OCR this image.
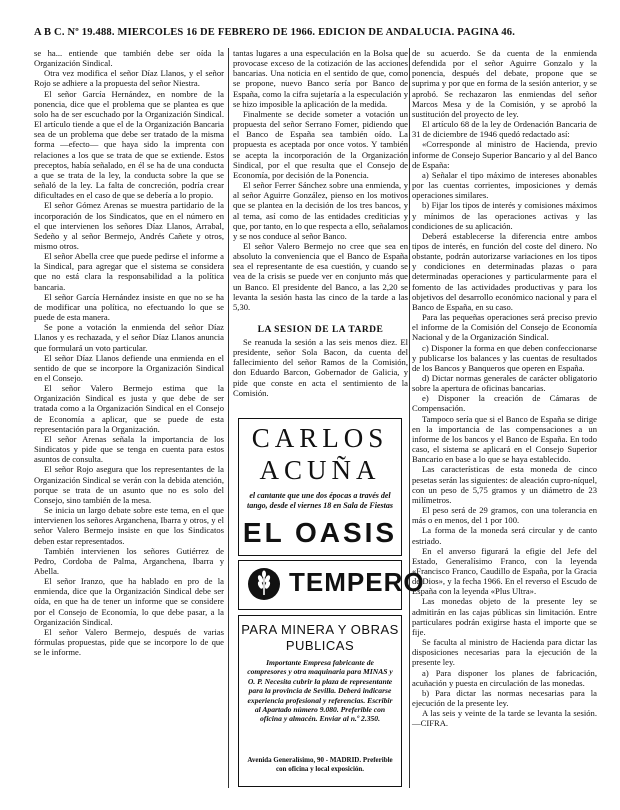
A B C. Nº 19.488. MIERCOLES 16 DE FEBRERO DE 1966. EDICION DE ANDALUCIA. PAGINA 46.

se ha... entiende que también debe ser oída la Organización Sindical.

Otra vez modifica el señor Díaz Llanos, y el señor Rojo se adhiere a la propuesta del señor Niestra.

El señor García Hernández, en nombre de la ponencia, dice que el problema que se plantea es que solo ha de ser escuchado por la Organización Sindical. El artículo tiende a que el de la Organización Bancaria sea de un problema que debe ser tratado de la misma forma —efecto— que haya sido la imprenta con relaciones a los que se trata de que se extiende. Estos preceptos, había señalado, en él se ha de una conducta a que se trata de la ley, la conducta sobre la que se señaló de la ley. La falta de concreción, podría crear dificultades en el caso de que se debería a lo propio.

El señor Gómez Arenas se muestra partidario de la incorporación de los Sindicatos, que en el número en el que intervienen los señores Díaz Llanos, Arrabal, Sedeño y al señor Bermejo, Andrés Cañete y otros, mismo otros.

El señor Abella cree que puede pedirse el informe a la Sindical, para agregar que el sistema se considera que no está clara la responsabilidad a la política bancaria.

El señor García Hernández insiste en que no se ha de modificar una política, no efectuando lo que se puede de esta manera.

Se pone a votación la enmienda del señor Díaz Llanos y es rechazada, y el señor Díaz Llanos anuncia que formulará un voto particular.

El señor Díaz Llanos defiende una enmienda en el sentido de que se incorpore la Organización Sindical en el Consejo.

El señor Valero Bermejo estima que la Organización Sindical es justa y que debe de ser tratada como a la Organización Sindical en el Consejo de Economía a aplicar, que se puede de esta representación para la Organización.

El señor Arenas señala la importancia de los Sindicatos y pide que se tenga en cuenta para estos asuntos de consulta.

El señor Rojo asegura que los representantes de la Organización Sindical se verán con la debida atención, porque se trata de un asunto que no es solo del Consejo, sino también de la mesa.

Se inicia un largo debate sobre este tema, en el que intervienen los señores Arganchena, Ibarra y otros, y el señor Valero Bermejo insiste en que los Sindicatos deben estar representados.

También intervienen los señores Gutiérrez de Pedro, Cordoba de Palma, Arganchena, Ibarra y Abella.

El señor Iranzo, que ha hablado en pro de la enmienda, dice que la Organización Sindical debe ser oída, en que ha de tener un informe que se considere por el Consejo de Economía, lo que debe pasar, a la Organización Sindical.

El señor Valero Bermejo, después de varias fórmulas propuestas, pide que se incorpore lo de que se le informe.

tantas lugares a una especulación en la Bolsa que provocase exceso de la cotización de las acciones bancarias. Una noticia en el sentido de que, como se propone, nuevo Banco sería por Banco de España, como la cifra sujetaría a la especulación y se hizo imposible la aplicación de la medida.

Finalmente se decide someter a votación un propuesta del señor Serrano Fomer, pidiendo que el Banco de España sea también oído. La propuesta es aceptada por once votos. Y también se acepta la incorporación de la Organización Sindical, por el que resulta que el Consejo de Economía, por decisión de la Ponencia.

El señor Ferrer Sánchez sobre una enmienda, y al señor Aguirre González, pienso en los motivos que se plantea en la decisión de los tres bancos, y al tema, así como de las entidades crediticias y que, por tanto, en lo que respecta a ello, señalamos y se nos conduce al señor Banco.

El señor Valero Bermejo no cree que sea en absoluto la conveniencia que el Banco de España sea el representante de esa cuestión, y cuando se vea de la crisis se puede ver en conjunto más que un Banco. El presidente del Banco, a las 2,20 se levanta la sesión hasta las cinco de la tarde a las 5,30.

LA SESION DE LA TARDE

Se reanuda la sesión a las seis menos diez. El presidente, señor Sola Bacon, da cuenta del fallecimiento del señor Ramos de la Comisión, don Eduardo Barcon, Gobernador de Galicia, y pide que conste en acta el sentimiento de la Comisión.

de su acuerdo. Se da cuenta de la enmienda defendida por el señor Aguirre Gonzalo y la ponencia, después del debate, propone que se suprima y por que en forma de la sesión anterior, y se aprobó. Se rechazaron las enmiendas del señor Marcos Mesa y de la Comisión, y se aprobó la sustitución del proyecto de ley.

El artículo 68 de la ley de Ordenación Bancaria de 31 de diciembre de 1946 quedó redactado así:

«Corresponde al ministro de Hacienda, previo informe de Consejo Superior Bancario y al del Banco de España:

a) Señalar el tipo máximo de intereses abonables por las cuentas corrientes, imposiciones y demás operaciones similares.

b) Fijar los tipos de interés y comisiones máximos y mínimos de las operaciones activas y las condiciones de su aplicación.

Deberá establecerse la diferencia entre ambos tipos de interés, en función del coste del dinero. No obstante, podrán autorizarse variaciones en los tipos y condiciones en determinadas plazas o para determinadas operaciones y particularmente para el fomento de las actividades productivas y para los objetivos del desarrollo económico nacional y para el Banco de España, en su caso.

Para las pequeñas operaciones será preciso previo el informe de la Comisión del Consejo de Economía Nacional y de la Organización Sindical.

c) Disponer la forma en que deben confeccionarse y publicarse los balances y las cuentas de resultados de los Bancos y Banqueros que operen en España.

d) Dictar normas generales de carácter obligatorio sobre la apertura de oficinas bancarias.

e) Disponer la creación de Cámaras de Compensación.

Tampoco sería que si el Banco de España se dirige en la importancia de las compensaciones a un informe de los bancos y el Banco de España. En todo caso, el sistema se aplicará en el Consejo Superior Bancario en base a lo que se haya establecido.

Las características de esta moneda de cinco pesetas serán las siguientes: de aleación cupro-níquel, con un peso de 5,75 gramos y un diámetro de 23 milímetros.

El peso será de 29 gramos, con una tolerancia en más o en menos, del 1 por 100.

La forma de la moneda será circular y de canto estriado.

En el anverso figurará la efigie del Jefe del Estado, Generalísimo Franco, con la leyenda «Francisco Franco, Caudillo de España, por la Gracia de Dios», y la fecha 1966. En el reverso el Escudo de España con la leyenda «Plus Ultra».

Las monedas objeto de la presente ley se admitirán en las cajas públicas sin limitación. Entre particulares podrán exigirse hasta el importe que se fije.

Se faculta al ministro de Hacienda para dictar las disposiciones necesarias para la ejecución de la presente ley.

a) Para disponer los planes de fabricación, acuñación y puesta en circulación de las monedas.

b) Para dictar las normas necesarias para la ejecución de la presente ley.

A las seis y veinte de la tarde se levanta la sesión.—CIFRA.

CARLOS
ACUÑA
el cantante que une dos épocas a través del tango, desde el viernes 18 en Sala de Fiestas
EL OASIS
TEMPERO
PARA MINERA Y OBRAS PUBLICAS
Importante Empresa fabricante de compresores y otra maquinaria para MINAS y O. P. Necesita cubrir la plaza de representante para la provincia de Sevilla. Deberá indicarse experiencia profesional y referencias. Escribir al Apartado número 9.080. Preferible con oficina y almacén. Enviar al n.º 2.350.
Avenida Generalísimo, 90 - MADRID. Preferible con oficina y local exposición.
